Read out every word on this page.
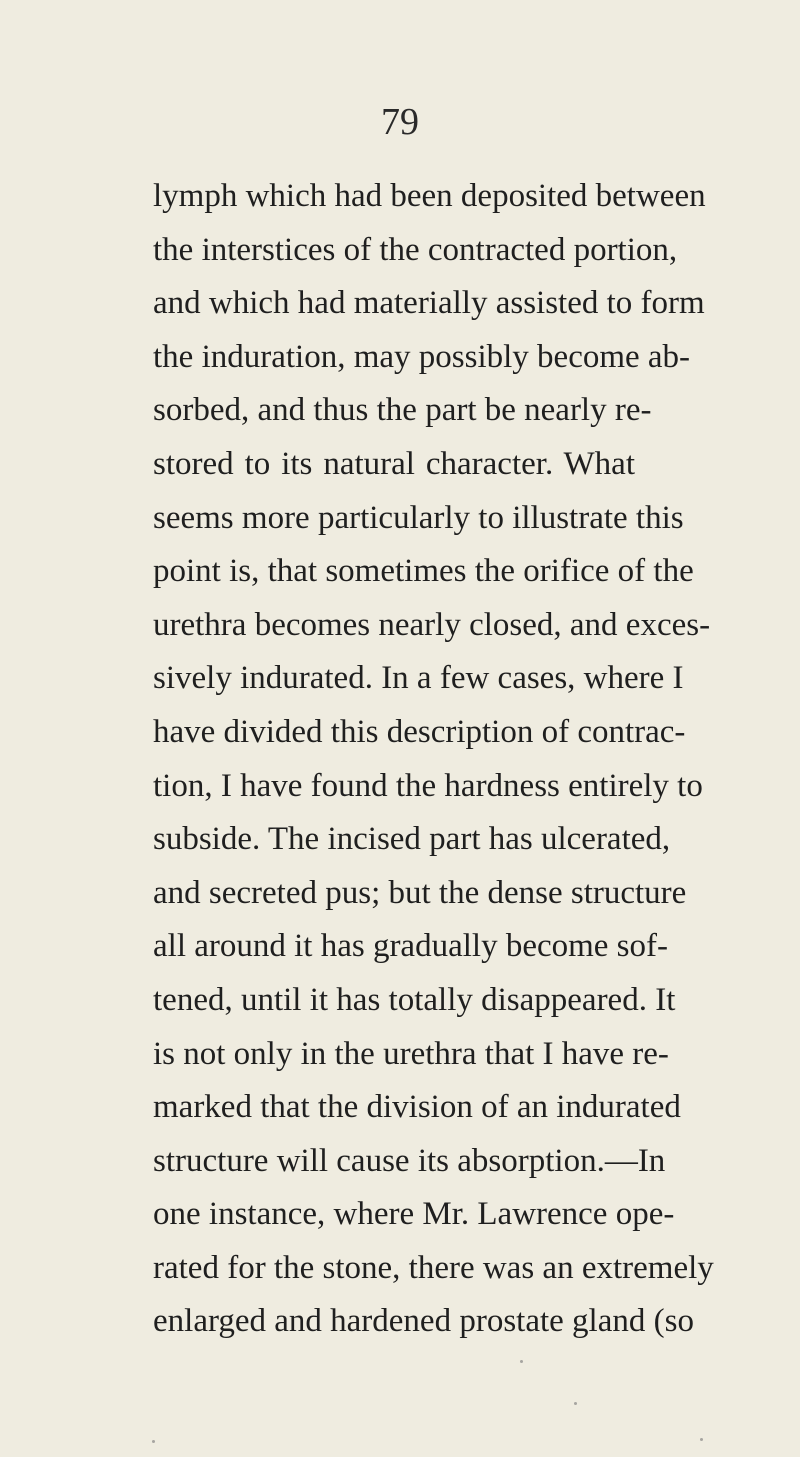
79
lymph which had been deposited between
the interstices of the contracted portion,
and which had materially assisted to form
the induration, may possibly become ab-
sorbed, and thus the part be nearly re-
stored to its natural character. What
seems more particularly to illustrate this
point is, that sometimes the orifice of the
urethra becomes nearly closed, and exces-
sively indurated. In a few cases, where I
have divided this description of contrac-
tion, I have found the hardness entirely to
subside. The incised part has ulcerated,
and secreted pus; but the dense structure
all around it has gradually become sof-
tened, until it has totally disappeared. It
is not only in the urethra that I have re-
marked that the division of an indurated
structure will cause its absorption.—In
one instance, where Mr. Lawrence ope-
rated for the stone, there was an extremely
enlarged and hardened prostate gland (so
